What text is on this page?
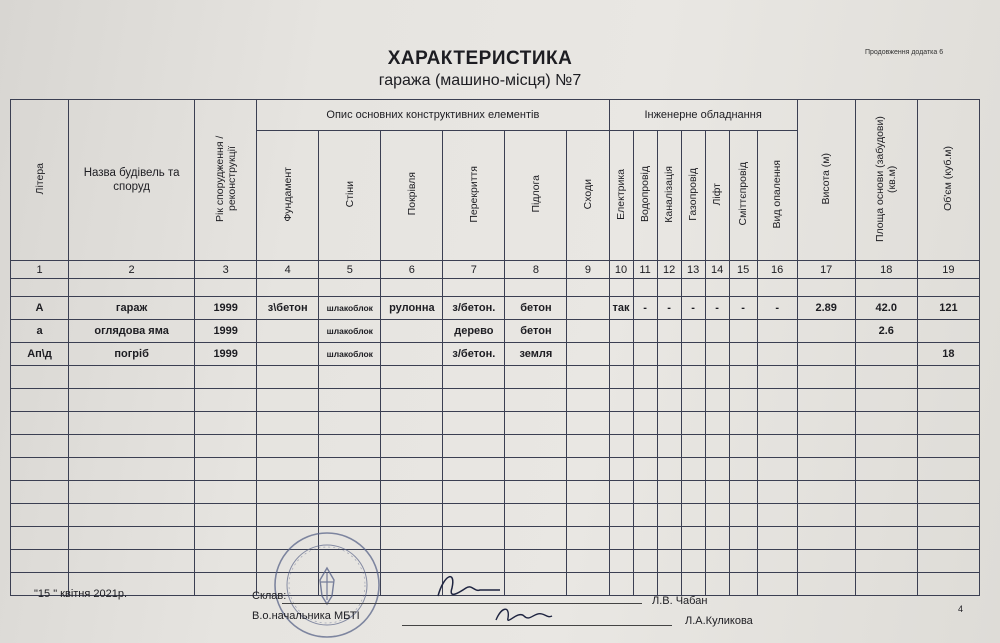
Продовження додатка 6
ХАРАКТЕРИСТИКА
гаража (машино-місця) №7
Літера	Назва будівель та споруд	Рік спорудження / реконструкції	Опис основних конструктивних елементів						Інженерне обладнання							Висота (м)	Площа основи (забудови) (кв.м)	Об'єм (куб.м)
			Фундамент	Стіни	Покрівля	Перекриття	Підлога	Сходи	Електрика	Водопровід	Каналізація	Газопровід	Ліфт	Сміттєпровід	Вид опалення			
1	2	3	4	5	6	7	8	9	10	11	12	13	14	15	16	17	18	19

А	гараж	1999	з\бетон	шлакоблок	рулонна	з/бетон.	бетон		так	-	-	-	-	-	-	2.89	42.0	121
а	оглядова яма	1999		шлакоблок		дерево	бетон										2.6	
Ап\д	погріб	1999		шлакоблок		з/бетон.	земля											18

"15 " квітня 2021р.	Склав:	Л.В. Чабан
В.о.начальника МБТІ	Л.А.Куликова
4
